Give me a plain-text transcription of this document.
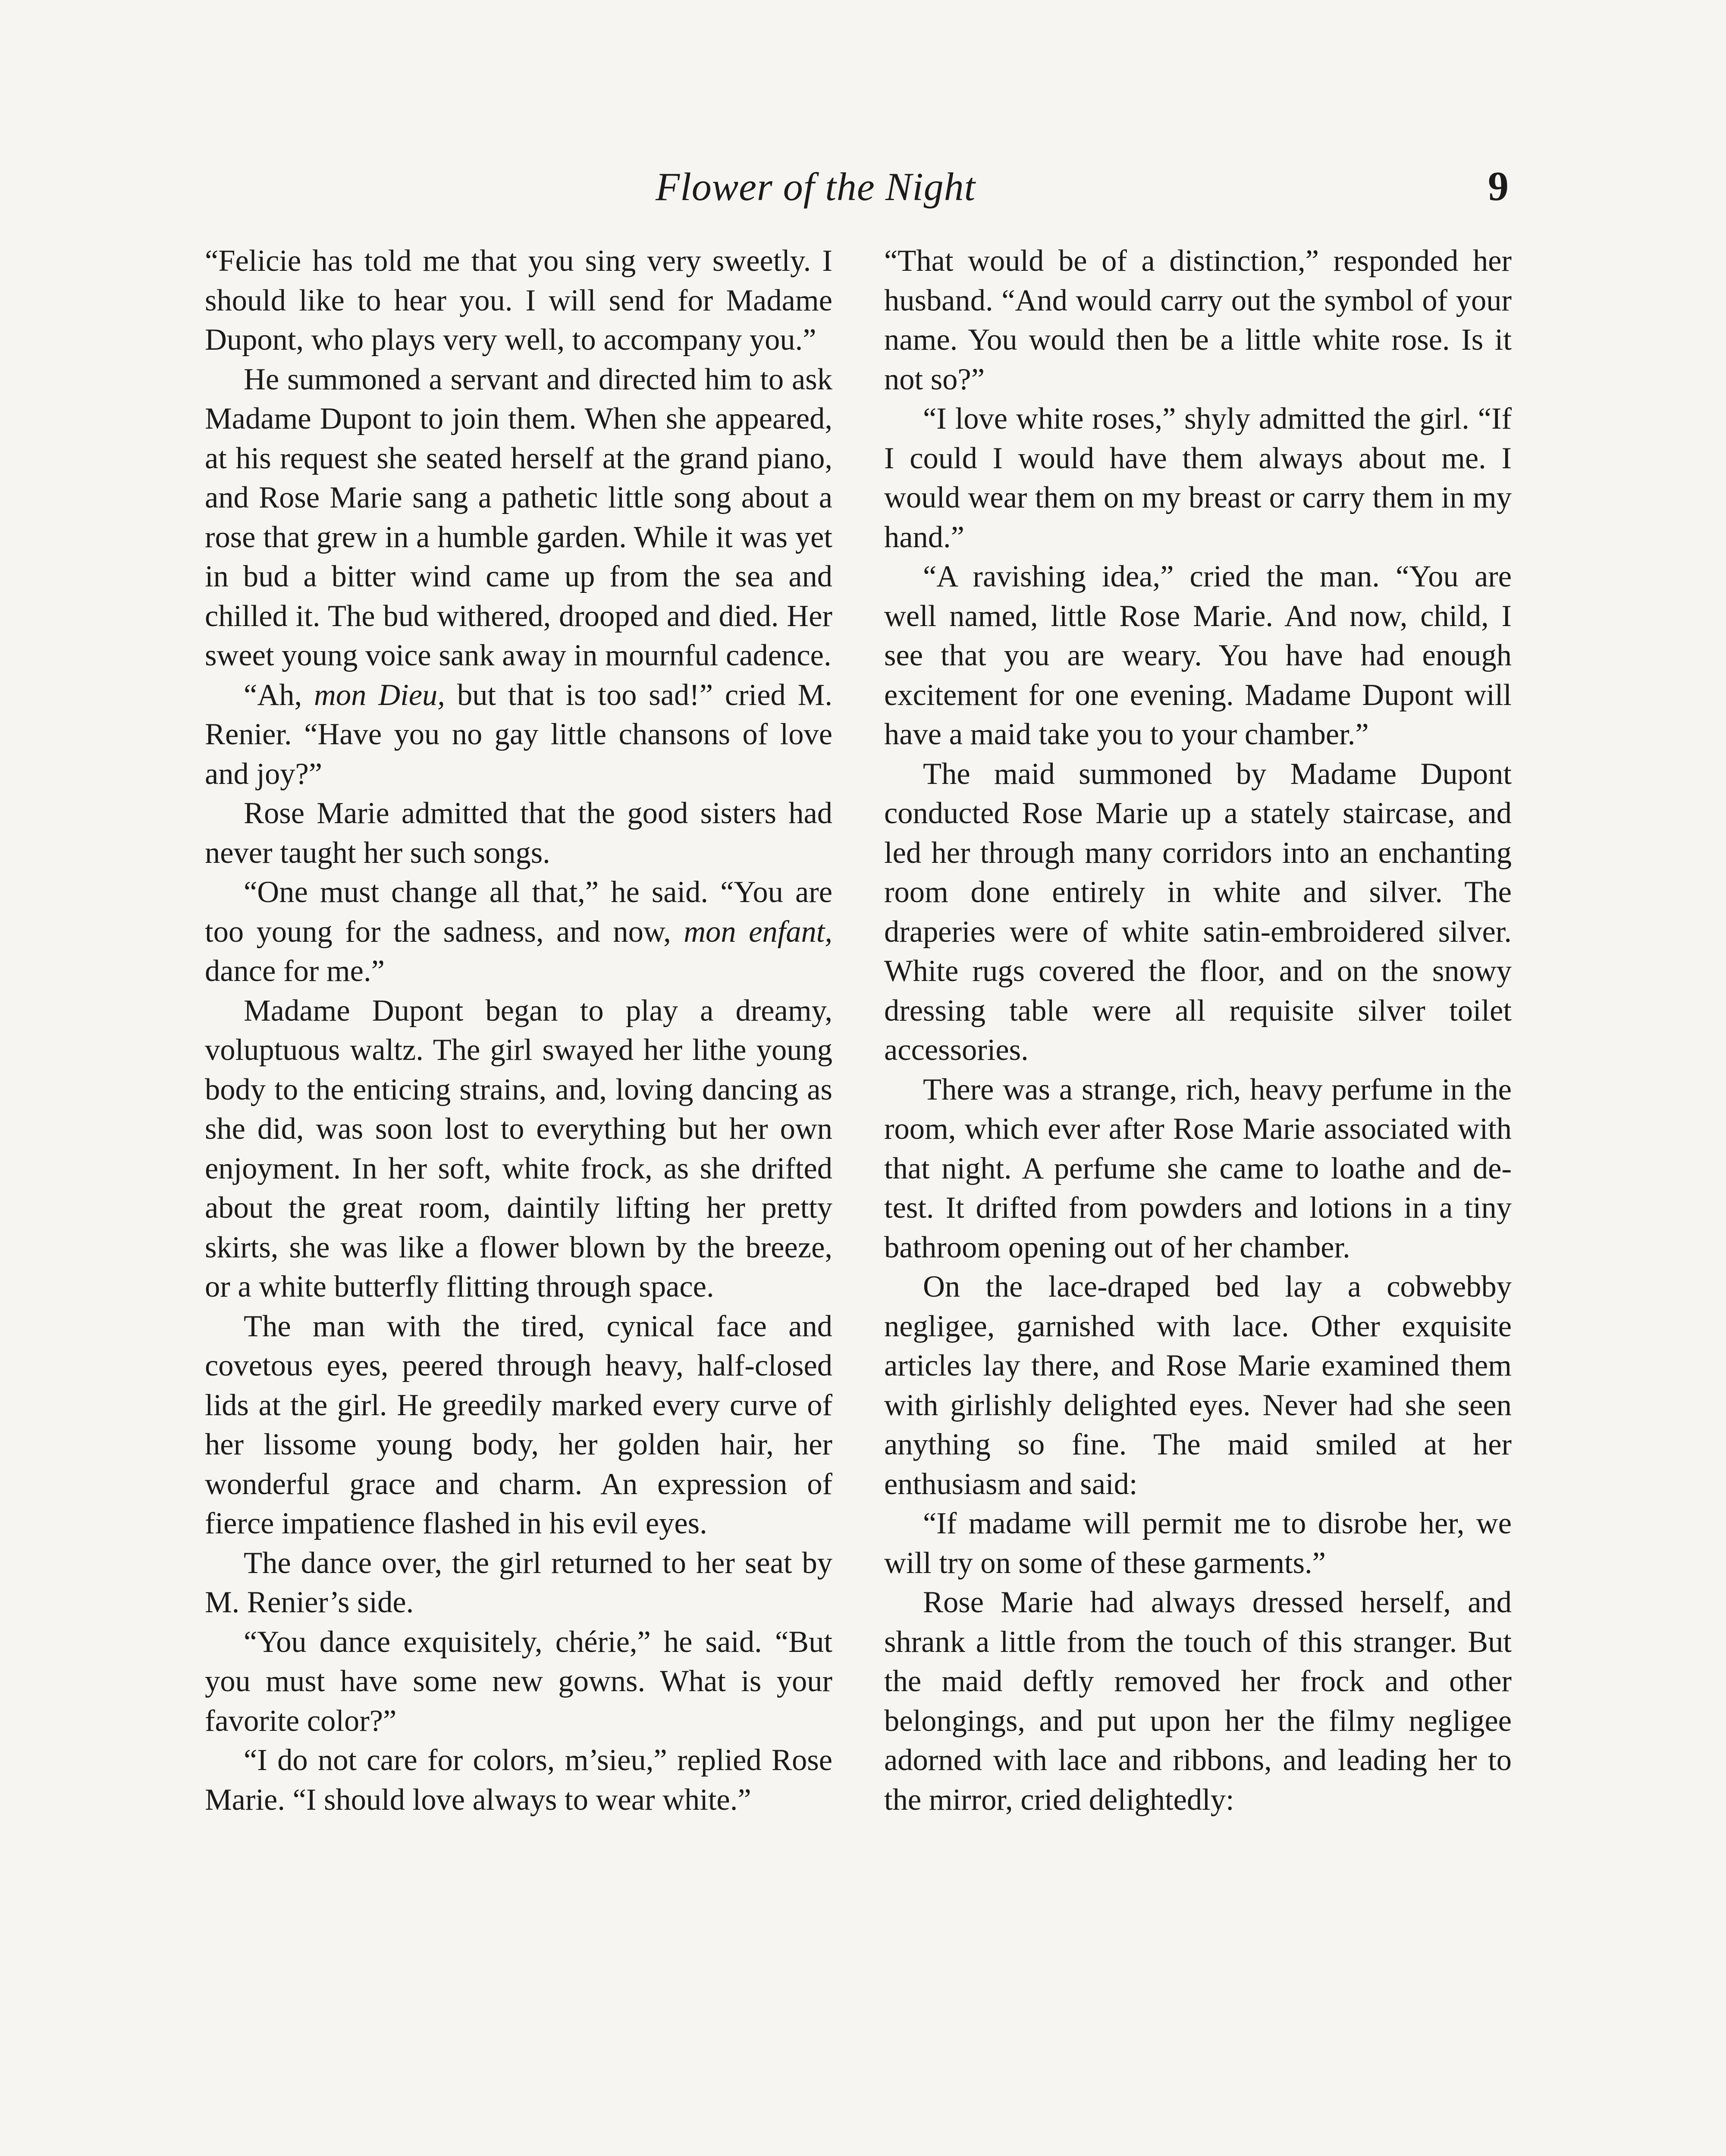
Flower of the Night	9

“Felicie has told me that you sing very sweetly. I should like to hear you. I will send for Madame Dupont, who plays very well, to accompany you.”

He summoned a servant and directed him to ask Madame Dupont to join them. When she appeared, at his request she seated herself at the grand piano, and Rose Marie sang a pathetic little song about a rose that grew in a humble garden. While it was yet in bud a bitter wind came up from the sea and chilled it. The bud withered, drooped and died. Her sweet young voice sank away in mournful cadence.

“Ah, mon Dieu, but that is too sad!” cried M. Renier. “Have you no gay little chansons of love and joy?”

Rose Marie admitted that the good sisters had never taught her such songs.

“One must change all that,” he said. “You are too young for the sadness, and now, mon enfant, dance for me.”

Madame Dupont began to play a dreamy, voluptuous waltz. The girl swayed her lithe young body to the enticing strains, and, loving dancing as she did, was soon lost to everything but her own enjoyment. In her soft, white frock, as she drifted about the great room, daintily lifting her pretty skirts, she was like a flower blown by the breeze, or a white butterfly flitting through space.

The man with the tired, cynical face and covetous eyes, peered through heavy, half-closed lids at the girl. He greedily marked every curve of her lissome young body, her golden hair, her wonderful grace and charm. An expression of fierce impatience flashed in his evil eyes.

The dance over, the girl returned to her seat by M. Renier’s side.

“You dance exquisitely, chérie,” he said. “But you must have some new gowns. What is your favorite color?”

“I do not care for colors, m’sieu,” replied Rose Marie. “I should love always to wear white.”

“That would be of a distinction,” responded her husband. “And would carry out the symbol of your name. You would then be a little white rose. Is it not so?”

“I love white roses,” shyly admitted the girl. “If I could I would have them always about me. I would wear them on my breast or carry them in my hand.”

“A ravishing idea,” cried the man. “You are well named, little Rose Marie. And now, child, I see that you are weary. You have had enough excitement for one evening. Madame Dupont will have a maid take you to your chamber.”

The maid summoned by Madame Dupont conducted Rose Marie up a stately staircase, and led her through many corridors into an enchanting room done entirely in white and silver. The draperies were of white satin-embroidered silver. White rugs covered the floor, and on the snowy dressing table were all requisite silver toilet accessories.

There was a strange, rich, heavy perfume in the room, which ever after Rose Marie associated with that night. A perfume she came to loathe and detest. It drifted from powders and lotions in a tiny bathroom opening out of her chamber.

On the lace-draped bed lay a cobwebby negligee, garnished with lace. Other exquisite articles lay there, and Rose Marie examined them with girlishly delighted eyes. Never had she seen anything so fine. The maid smiled at her enthusiasm and said:

“If madame will permit me to disrobe her, we will try on some of these garments.”

Rose Marie had always dressed herself, and shrank a little from the touch of this stranger. But the maid deftly removed her frock and other belongings, and put upon her the filmy negligee adorned with lace and ribbons, and leading her to the mirror, cried delightedly:
